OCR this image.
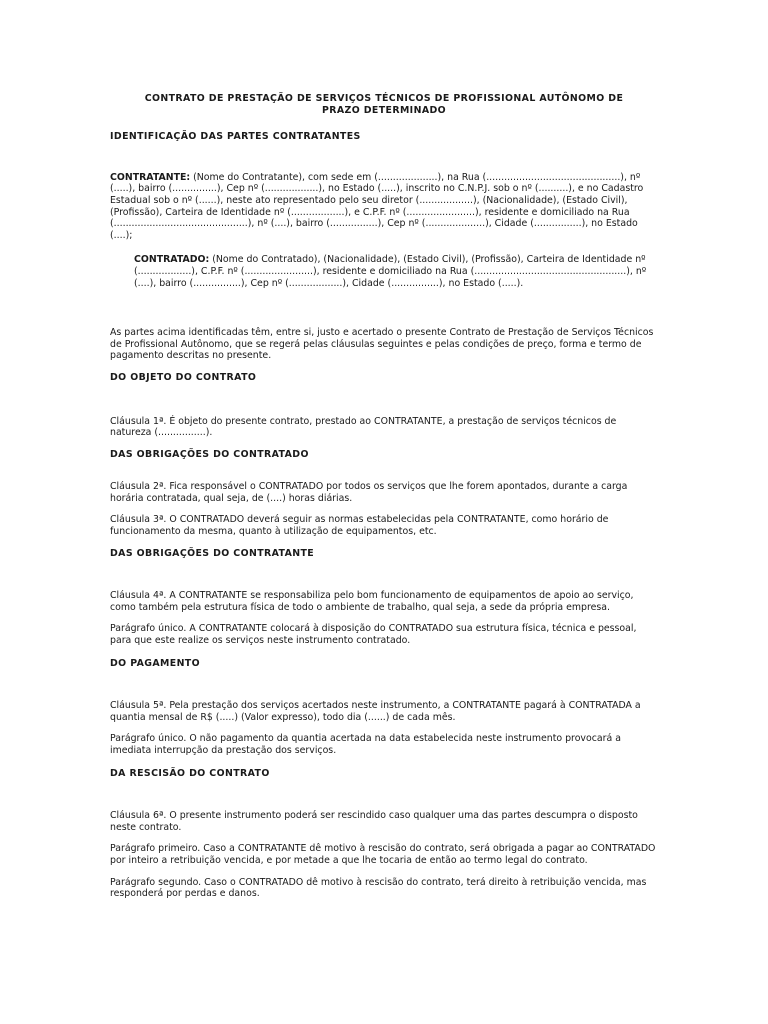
CONTRATO DE PRESTAÇÃO DE SERVIÇOS TÉCNICOS DE PROFISSIONAL AUTÔNOMO DE PRAZO DETERMINADO
IDENTIFICAÇÃO DAS PARTES CONTRATANTES

CONTRATANTE: (Nome do Contratante), com sede em (....................), na Rua (.............................................), nº (.....), bairro (...............), Cep nº (..................), no Estado (.....), inscrito no C.N.P.J. sob o nº (..........), e no Cadastro Estadual sob o nº (......), neste ato representado pelo seu diretor (..................), (Nacionalidade), (Estado Civil), (Profissão), Carteira de Identidade nº (..................), e C.P.F. nº (.......................), residente e domiciliado na Rua (.............................................), nº (....), bairro (................), Cep nº (....................), Cidade (................), no Estado (....);

CONTRATADO: (Nome do Contratado), (Nacionalidade), (Estado Civil), (Profissão), Carteira de Identidade nº (..................), C.P.F. nº (.......................), residente e domiciliado na Rua (...................................................), nº (....), bairro (................), Cep nº (..................), Cidade (................), no Estado (.....).

As partes acima identificadas têm, entre si, justo e acertado o presente Contrato de Prestação de Serviços Técnicos de Profissional Autônomo, que se regerá pelas cláusulas seguintes e pelas condições de preço, forma e termo de pagamento descritas no presente.

DO OBJETO DO CONTRATO

Cláusula 1ª. É objeto do presente contrato, prestado ao CONTRATANTE, a prestação de serviços técnicos de natureza (................).

DAS OBRIGAÇÕES DO CONTRATADO

Cláusula 2ª. Fica responsável o CONTRATADO por todos os serviços que lhe forem apontados, durante a carga horária contratada, qual seja, de (....) horas diárias.

Cláusula 3ª. O CONTRATADO deverá seguir as normas estabelecidas pela CONTRATANTE, como horário de funcionamento da mesma, quanto à utilização de equipamentos, etc.

DAS OBRIGAÇÕES DO CONTRATANTE

Cláusula 4ª. A CONTRATANTE se responsabiliza pelo bom funcionamento de equipamentos de apoio ao serviço, como também pela estrutura física de todo o ambiente de trabalho, qual seja, a sede da própria empresa.

Parágrafo único. A CONTRATANTE colocará à disposição do CONTRATADO sua estrutura física, técnica e pessoal, para que este realize os serviços neste instrumento contratado.

DO PAGAMENTO

Cláusula 5ª. Pela prestação dos serviços acertados neste instrumento, a CONTRATANTE pagará à CONTRATADA a quantia mensal de R$ (.....) (Valor expresso), todo dia (......) de cada mês.

Parágrafo único. O não pagamento da quantia acertada na data estabelecida neste instrumento provocará a imediata interrupção da prestação dos serviços.

DA RESCISÃO DO CONTRATO

Cláusula 6ª. O presente instrumento poderá ser rescindido caso qualquer uma das partes descumpra o disposto neste contrato.

Parágrafo primeiro. Caso a CONTRATANTE dê motivo à rescisão do contrato, será obrigada a pagar ao CONTRATADO por inteiro a retribuição vencida, e por metade a que lhe tocaria de então ao termo legal do contrato.

Parágrafo segundo. Caso o CONTRATADO dê motivo à rescisão do contrato, terá direito à retribuição vencida, mas responderá por perdas e danos.
